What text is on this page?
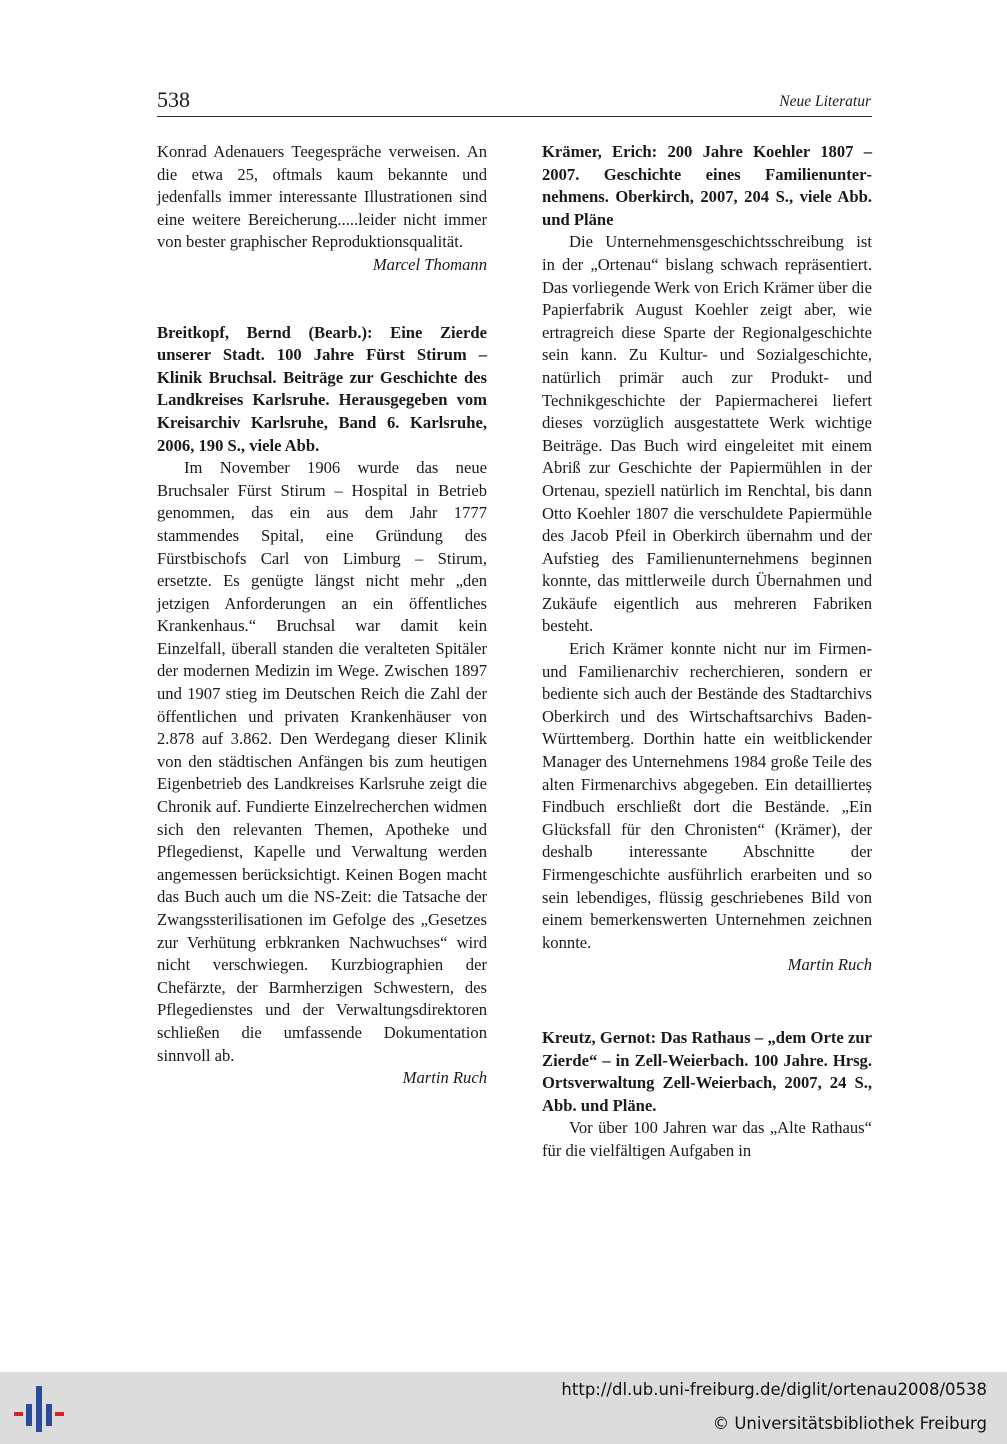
538	Neue Literatur

Konrad Adenauers Teegespräche verweisen. An die etwa 25, oftmals kaum bekannte und jedenfalls immer interessante Illustrationen sind eine weitere Bereicherung.....leider nicht immer von bester graphischer Reproduktionsqualität.

Marcel Thomann

Breitkopf, Bernd (Bearb.): Eine Zierde unserer Stadt. 100 Jahre Fürst Stirum – Klinik Bruchsal. Beiträge zur Geschichte des Landkreises Karlsruhe. Herausgegeben vom Kreisarchiv Karlsruhe, Band 6. Karlsruhe, 2006, 190 S., viele Abb.

Im November 1906 wurde das neue Bruchsaler Fürst Stirum – Hospital in Betrieb genommen, das ein aus dem Jahr 1777 stammendes Spital, eine Gründung des Fürstbischofs Carl von Limburg – Stirum, ersetzte. Es genügte längst nicht mehr „den jetzigen Anforderungen an ein öffentliches Krankenhaus.“ Bruchsal war damit kein Einzelfall, überall standen die veralteten Spitäler der modernen Medizin im Wege. Zwischen 1897 und 1907 stieg im Deutschen Reich die Zahl der öffentlichen und privaten Krankenhäuser von 2.878 auf 3.862. Den Werdegang dieser Klinik von den städtischen Anfängen bis zum heutigen Eigenbetrieb des Landkreises Karlsruhe zeigt die Chronik auf. Fundierte Einzelrecherchen widmen sich den relevanten Themen, Apotheke und Pflegedienst, Kapelle und Verwaltung werden angemessen berücksichtigt. Keinen Bogen macht das Buch auch um die NS-Zeit: die Tatsache der Zwangssterilisationen im Gefolge des „Gesetzes zur Verhütung erbkranken Nachwuchses“ wird nicht verschwiegen. Kurzbiographien der Chefärzte, der Barmherzigen Schwestern, des Pflegedienstes und der Verwaltungsdirektoren schließen die umfassende Dokumentation sinnvoll ab.

Martin Ruch

Krämer, Erich: 200 Jahre Koehler 1807 – 2007. Geschichte eines Familienunternehmens. Oberkirch, 2007, 204 S., viele Abb. und Pläne

Die Unternehmensgeschichtsschreibung ist in der „Ortenau“ bislang schwach repräsentiert. Das vorliegende Werk von Erich Krämer über die Papierfabrik August Koehler zeigt aber, wie ertragreich diese Sparte der Regionalgeschichte sein kann. Zu Kultur- und Sozialgeschichte, natürlich primär auch zur Produkt- und Technikgeschichte der Papiermacherei liefert dieses vorzüglich ausgestattete Werk wichtige Beiträge. Das Buch wird eingeleitet mit einem Abriß zur Geschichte der Papiermühlen in der Ortenau, speziell natürlich im Renchtal, bis dann Otto Koehler 1807 die verschuldete Papiermühle des Jacob Pfeil in Oberkirch übernahm und der Aufstieg des Familienunternehmens beginnen konnte, das mittlerweile durch Übernahmen und Zukäufe eigentlich aus mehreren Fabriken besteht.

Erich Krämer konnte nicht nur im Firmen- und Familienarchiv recherchieren, sondern er bediente sich auch der Bestände des Stadtarchivs Oberkirch und des Wirtschaftsarchivs Baden-Württemberg. Dorthin hatte ein weitblickender Manager des Unternehmens 1984 große Teile des alten Firmenarchivs abgegeben. Ein detaillierteș Findbuch erschließt dort die Bestände. „Ein Glücksfall für den Chronisten“ (Krämer), der deshalb interessante Abschnitte der Firmengeschichte ausführlich erarbeiten und so sein lebendiges, flüssig geschriebenes Bild von einem bemerkenswerten Unternehmen zeichnen konnte.

Martin Ruch

Kreutz, Gernot: Das Rathaus – „dem Orte zur Zierde“ – in Zell-Weierbach. 100 Jahre. Hrsg. Ortsverwaltung Zell-Weierbach, 2007, 24 S., Abb. und Pläne.

Vor über 100 Jahren war das „Alte Rathaus“ für die vielfältigen Aufgaben in

http://dl.ub.uni-freiburg.de/diglit/ortenau2008/0538
© Universitätsbibliothek Freiburg
